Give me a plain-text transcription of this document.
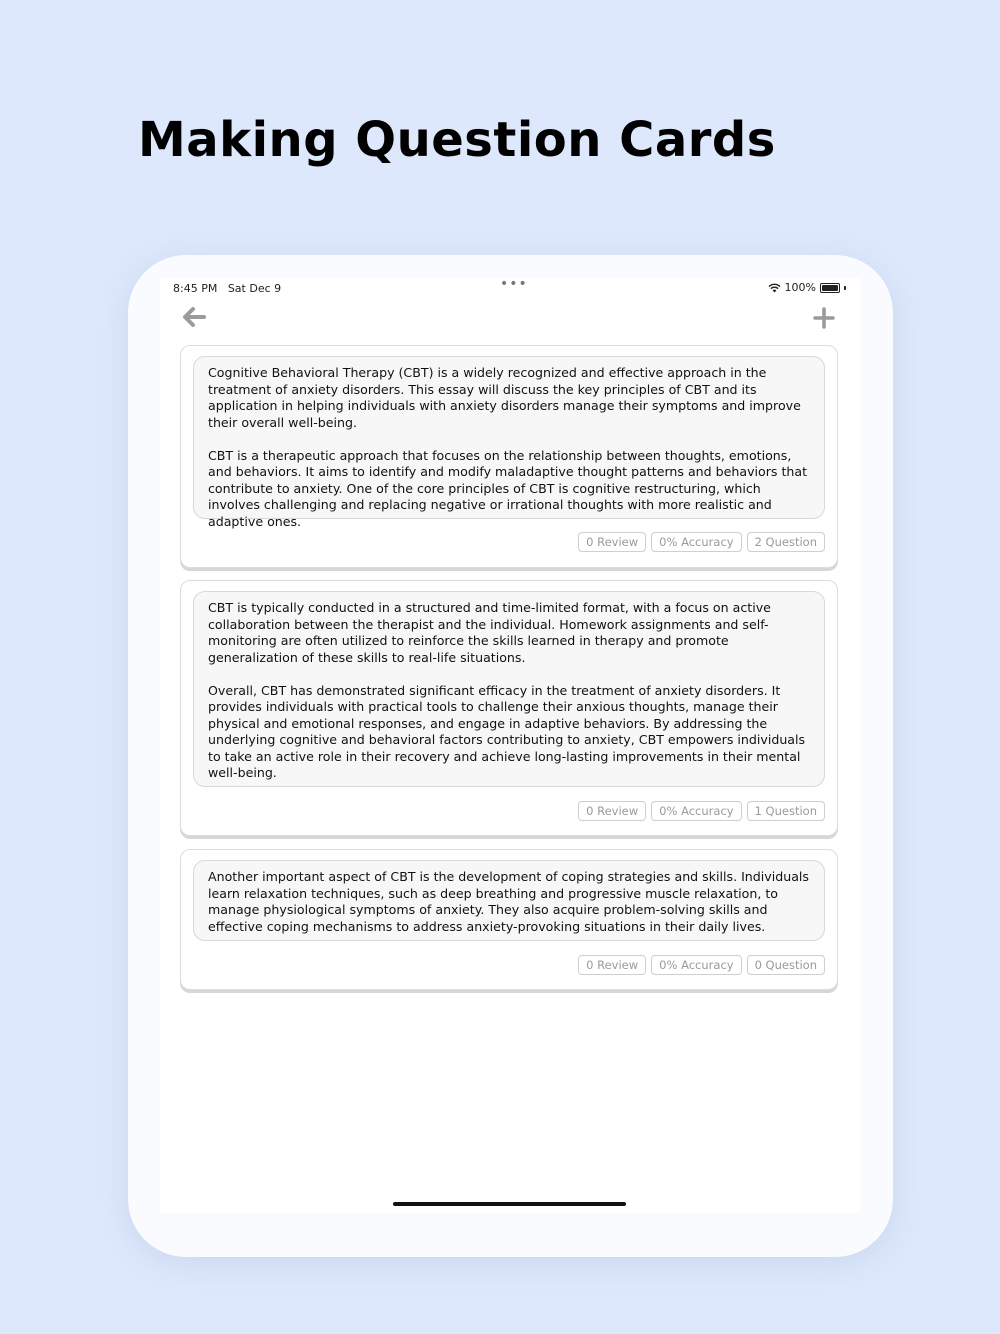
Making Question Cards
8:45 PM Sat Dec 9	•••	100%

Cognitive Behavioral Therapy (CBT) is a widely recognized and effective approach in the treatment of anxiety disorders. This essay will discuss the key principles of CBT and its application in helping individuals with anxiety disorders manage their symptoms and improve their overall well-being.

CBT is a therapeutic approach that focuses on the relationship between thoughts, emotions, and behaviors. It aims to identify and modify maladaptive thought patterns and behaviors that contribute to anxiety. One of the core principles of CBT is cognitive restructuring, which involves challenging and replacing negative or irrational thoughts with more realistic and adaptive ones.

0 Review	0% Accuracy	2 Question

CBT is typically conducted in a structured and time-limited format, with a focus on active collaboration between the therapist and the individual. Homework assignments and self-monitoring are often utilized to reinforce the skills learned in therapy and promote generalization of these skills to real-life situations.

Overall, CBT has demonstrated significant efficacy in the treatment of anxiety disorders. It provides individuals with practical tools to challenge their anxious thoughts, manage their physical and emotional responses, and engage in adaptive behaviors. By addressing the underlying cognitive and behavioral factors contributing to anxiety, CBT empowers individuals to take an active role in their recovery and achieve long-lasting improvements in their mental well-being.

0 Review	0% Accuracy	1 Question

Another important aspect of CBT is the development of coping strategies and skills. Individuals learn relaxation techniques, such as deep breathing and progressive muscle relaxation, to manage physiological symptoms of anxiety. They also acquire problem-solving skills and effective coping mechanisms to address anxiety-provoking situations in their daily lives.

0 Review	0% Accuracy	0 Question
